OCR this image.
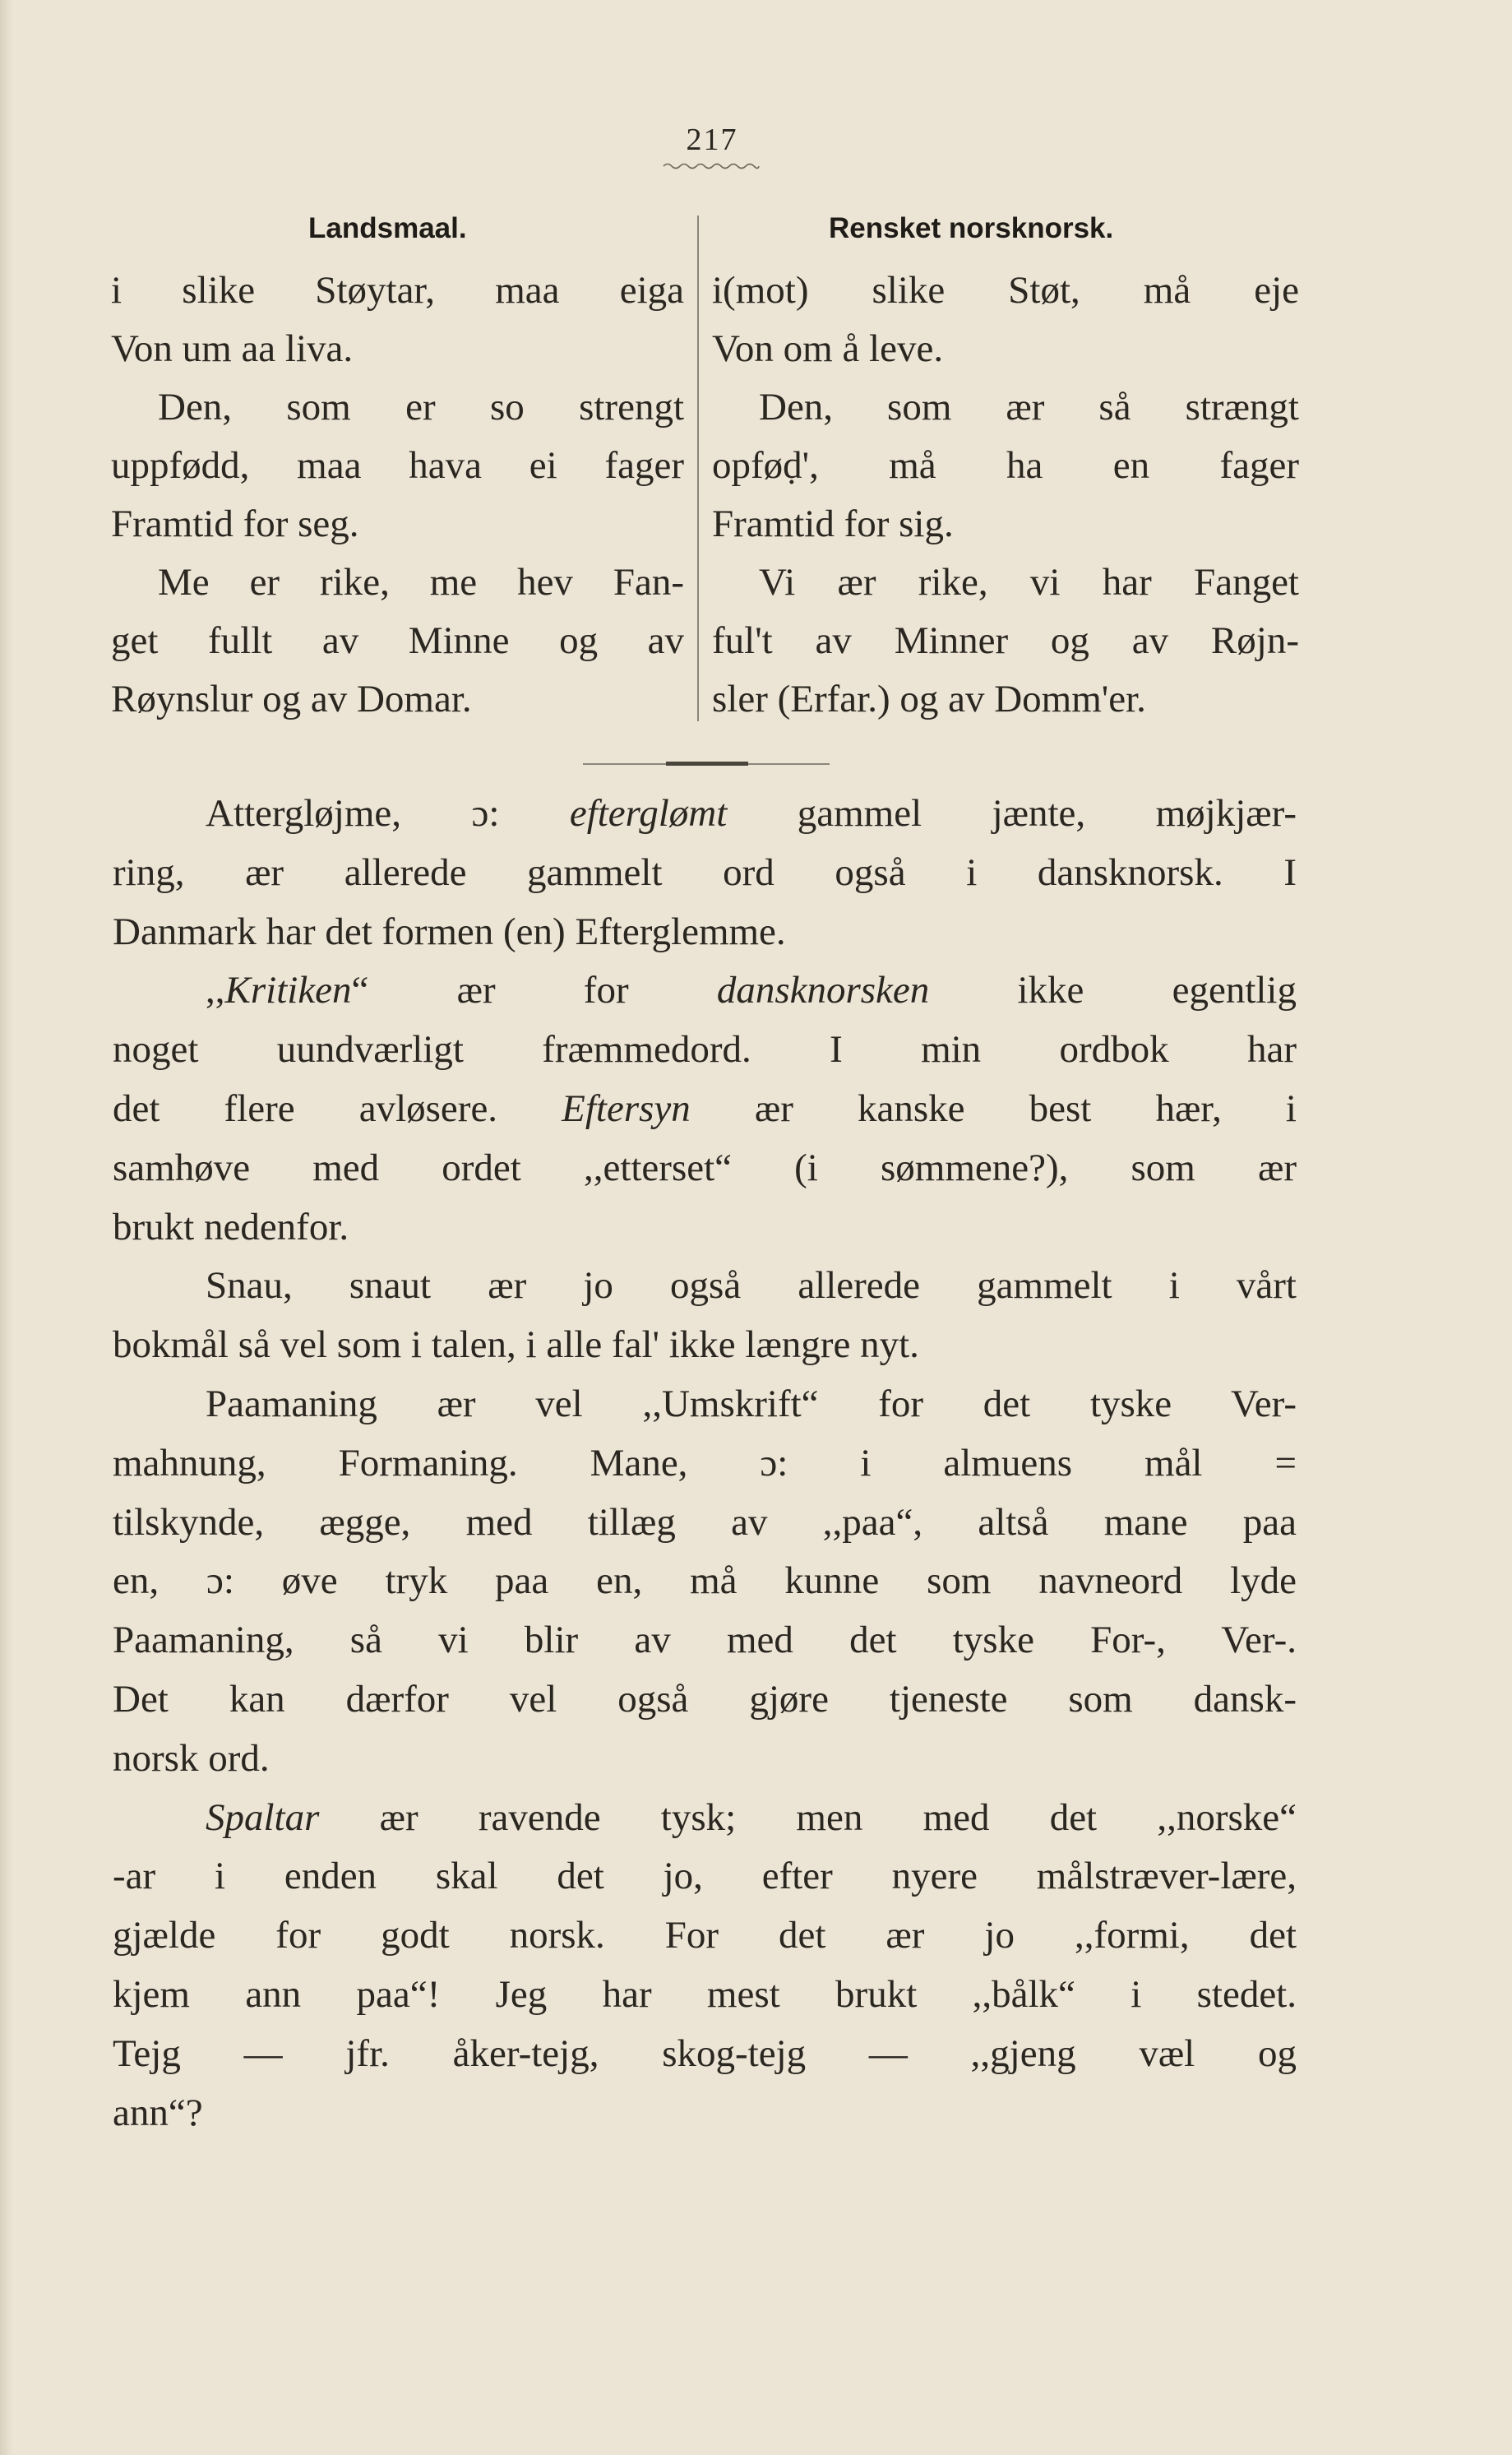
217
Landsmaal.	Rensket norsknorsk.
i slike Støytar, maa eiga
Von um aa liva.
Den, som er so strengt
uppfødd, maa hava ei fager
Framtid for seg.
Me er rike, me hev Fan-
get fullt av Minne og av
Røynslur og av Domar.
i(mot) slike Støt, må eje
Von om å leve.
Den, som ær så strængt
opføḍ', må ha en fager
Framtid for sig.
Vi ær rike, vi har Fanget
ful't av Minner og av Røjn-
sler (Erfar.) og av Domm'er.
Attergløjme, ɔ: efterglømt gammel jænte, møjkjær-
ring, ær allerede gammelt ord også i dansknorsk. I
Danmark har det formen (en) Efterglemme.
,,Kritiken“ ær for dansknorsken ikke egentlig
noget uundværligt fræmmedord. I min ordbok har
det flere avløsere. Eftersyn ær kanske best hær, i
samhøve med ordet ,,etterset“ (i sømmene?), som ær
brukt nedenfor.
Snau, snaut ær jo også allerede gammelt i vårt
bokmål så vel som i talen, i alle fal' ikke længre nyt.
Paamaning ær vel ,,Umskrift“ for det tyske Ver-
mahnung, Formaning. Mane, ɔ: i almuens mål =
tilskynde, ægge, med tillæg av ,,paa“, altså mane paa
en, ɔ: øve tryk paa en, må kunne som navneord lyde
Paamaning, så vi blir av med det tyske For-, Ver-.
Det kan dærfor vel også gjøre tjeneste som dansk-
norsk ord.
Spaltar ær ravende tysk; men med det ,,norske“
-ar i enden skal det jo, efter nyere målstræver-lære,
gjælde for godt norsk. For det ær jo ,,formi, det
kjem ann paa“! Jeg har mest brukt ,,bålk“ i stedet.
Tejg — jfr. åker-tejg, skog-tejg — ,,gjeng væl og
ann“?
